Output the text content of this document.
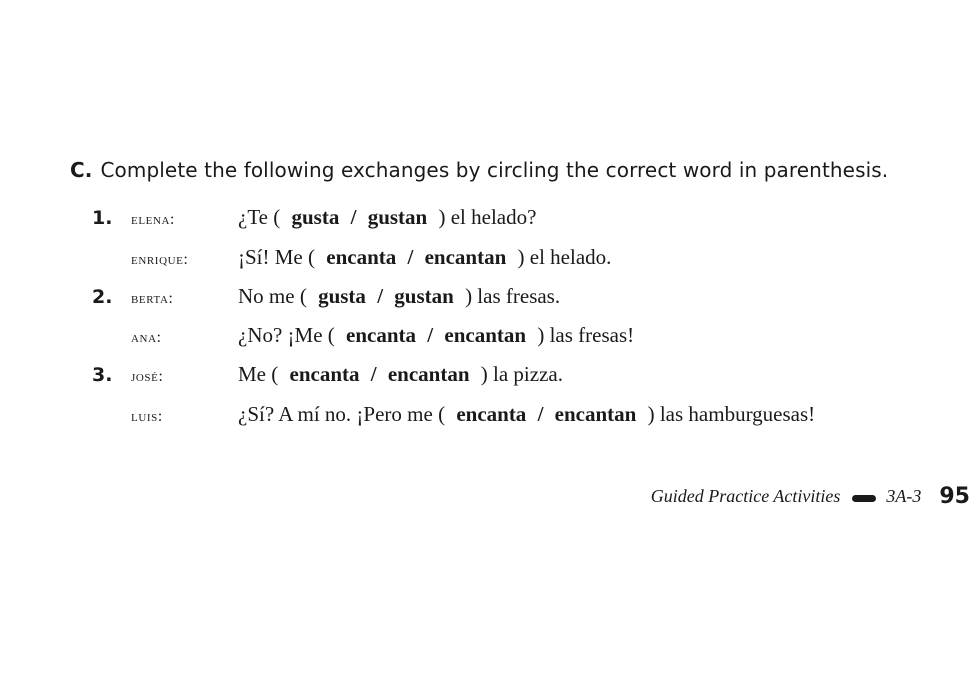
C. Complete the following exchanges by circling the correct word in parenthesis.
1. elena:	¿Te ( gusta / gustan ) el helado?
enrique: ¡Sí! Me ( encanta / encantan ) el helado.
2. berta:	No me ( gusta / gustan ) las fresas.
ana:	¿No? ¡Me ( encanta / encantan ) las fresas!
3. josé:	Me ( encanta / encantan ) la pizza.
luis:	¿Sí? A mí no. ¡Pero me ( encanta / encantan ) las hamburguesas!
Guided Practice Activities	3A-3 95
